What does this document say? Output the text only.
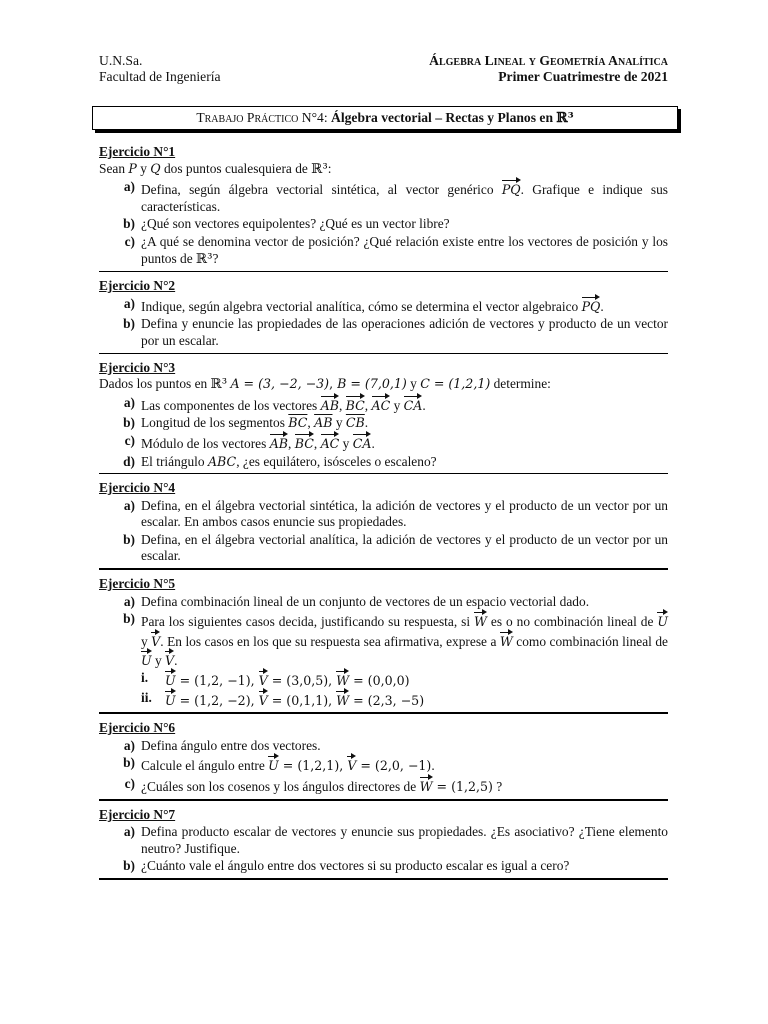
U.N.Sa.
Facultad de Ingeniería
Álgebra Lineal y Geometría Analítica
Primer Cuatrimestre de 2021
Trabajo Práctico N°4: Álgebra vectorial – Rectas y Planos en ℝ³
Ejercicio N°1
Sean P y Q dos puntos cualesquiera de ℝ³:
a) Defina, según álgebra vectorial sintética, al vector genérico PQ. Grafique e indique sus características.
b) ¿Qué son vectores equipolentes? ¿Qué es un vector libre?
c) ¿A qué se denomina vector de posición? ¿Qué relación existe entre los vectores de posición y los puntos de ℝ³?
Ejercicio N°2
a) Indique, según algebra vectorial analítica, cómo se determina el vector algebraico PQ.
b) Defina y enuncie las propiedades de las operaciones adición de vectores y producto de un vector por un escalar.
Ejercicio N°3
Dados los puntos en ℝ³ A = (3, −2, −3), B = (7,0,1) y C = (1,2,1) determine:
a) Las componentes de los vectores AB, BC, AC y CA.
b) Longitud de los segmentos $\overline{BC}$, $\overline{AB}$ y $\overline{CB}$.
c) Módulo de los vectores AB, BC, AC y CA.
d) El triángulo ABC, ¿es equilátero, isósceles o escaleno?
Ejercicio N°4
a) Defina, en el álgebra vectorial sintética, la adición de vectores y el producto de un vector por un escalar. En ambos casos enuncie sus propiedades.
b) Defina, en el álgebra vectorial analítica, la adición de vectores y el producto de un vector por un escalar.
Ejercicio N°5
a) Defina combinación lineal de un conjunto de vectores de un espacio vectorial dado.
b) Para los siguientes casos decida, justificando su respuesta, si W es o no combinación lineal de U y V. En los casos en los que su respuesta sea afirmativa, exprese a W como combinación lineal de U y V.
i.	U = (1,2, −1), V = (3,0,5), W = (0,0,0)
ii.	U = (1,2, −2), V = (0,1,1), W = (2,3, −5)
Ejercicio N°6
a) Defina ángulo entre dos vectores.
b) Calcule el ángulo entre U = (1,2,1), V = (2,0, −1).
c) ¿Cuáles son los cosenos y los ángulos directores de W = (1,2,5) ?
Ejercicio N°7
a) Defina producto escalar de vectores y enuncie sus propiedades. ¿Es asociativo? ¿Tiene elemento neutro? Justifique.
b) ¿Cuánto vale el ángulo entre dos vectores si su producto escalar es igual a cero?
